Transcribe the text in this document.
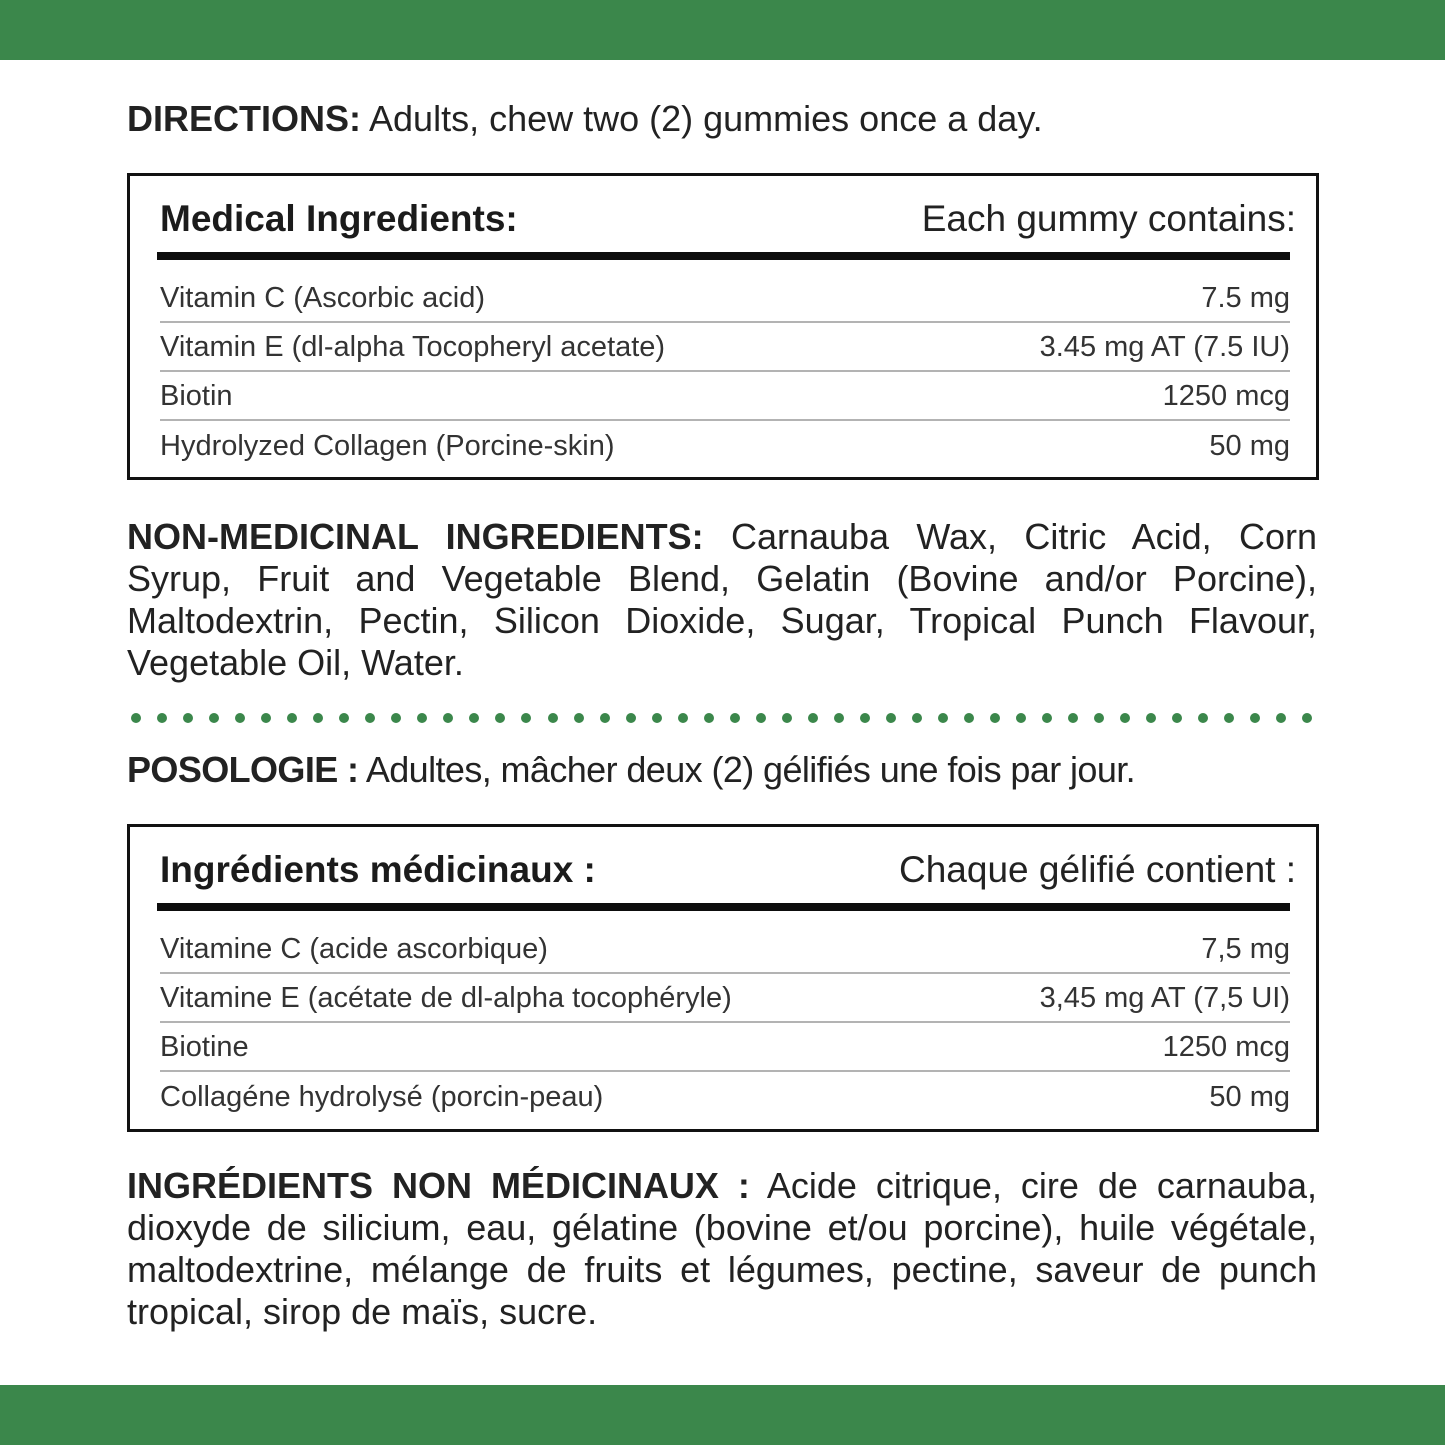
DIRECTIONS: Adults, chew two (2) gummies once a day.

Medical Ingredients:	Each gummy contains:
Vitamin C (Ascorbic acid)	7.5 mg
Vitamin E (dl-alpha Tocopheryl acetate)	3.45 mg AT (7.5 IU)
Biotin	1250 mcg
Hydrolyzed Collagen (Porcine-skin)	50 mg

NON-MEDICINAL INGREDIENTS: Carnauba Wax, Citric Acid, Corn Syrup, Fruit and Vegetable Blend, Gelatin (Bovine and/or Porcine), Maltodextrin, Pectin, Silicon Dioxide, Sugar, Tropical Punch Flavour, Vegetable Oil, Water.

POSOLOGIE : Adultes, mâcher deux (2) gélifiés une fois par jour.

Ingrédients médicinaux :	Chaque gélifié contient :
Vitamine C (acide ascorbique)	7,5 mg
Vitamine E (acétate de dl-alpha tocophéryle)	3,45 mg AT (7,5 UI)
Biotine	1250 mcg
Collagéne hydrolysé (porcin-peau)	50 mg

INGRÉDIENTS NON MÉDICINAUX : Acide citrique, cire de carnauba, dioxyde de silicium, eau, gélatine (bovine et/ou porcine), huile végétale, maltodextrine, mélange de fruits et légumes, pectine, saveur de punch tropical, sirop de maïs, sucre.
